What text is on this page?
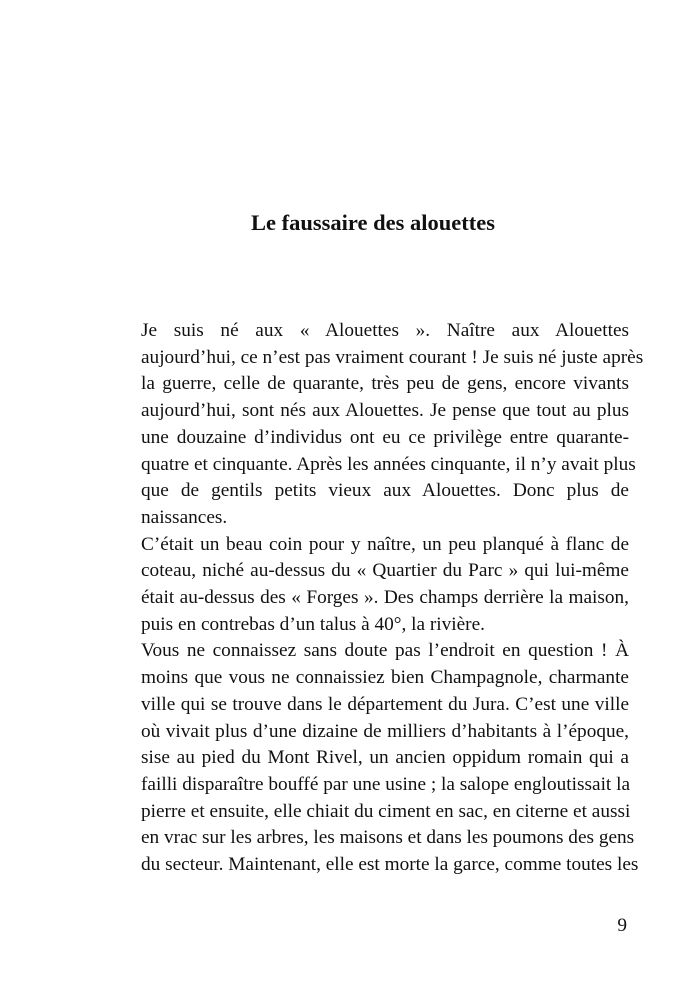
Le faussaire des alouettes

Je suis né aux « Alouettes ». Naître aux Alouettes
aujourd’hui, ce n’est pas vraiment courant ! Je suis né juste après
la guerre, celle de quarante, très peu de gens, encore vivants
aujourd’hui, sont nés aux Alouettes. Je pense que tout au plus
une douzaine d’individus ont eu ce privilège entre quarante-
quatre et cinquante. Après les années cinquante, il n’y avait plus
que de gentils petits vieux aux Alouettes. Donc plus de
naissances.

C’était un beau coin pour y naître, un peu planqué à flanc de
coteau, niché au-dessus du « Quartier du Parc » qui lui-même
était au-dessus des « Forges ». Des champs derrière la maison,
puis en contrebas d’un talus à 40°, la rivière.

Vous ne connaissez sans doute pas l’endroit en question ! À
moins que vous ne connaissiez bien Champagnole, charmante
ville qui se trouve dans le département du Jura. C’est une ville
où vivait plus d’une dizaine de milliers d’habitants à l’époque,
sise au pied du Mont Rivel, un ancien oppidum romain qui a
failli disparaître bouffé par une usine ; la salope engloutissait la
pierre et ensuite, elle chiait du ciment en sac, en citerne et aussi
en vrac sur les arbres, les maisons et dans les poumons des gens
du secteur. Maintenant, elle est morte la garce, comme toutes les

9
